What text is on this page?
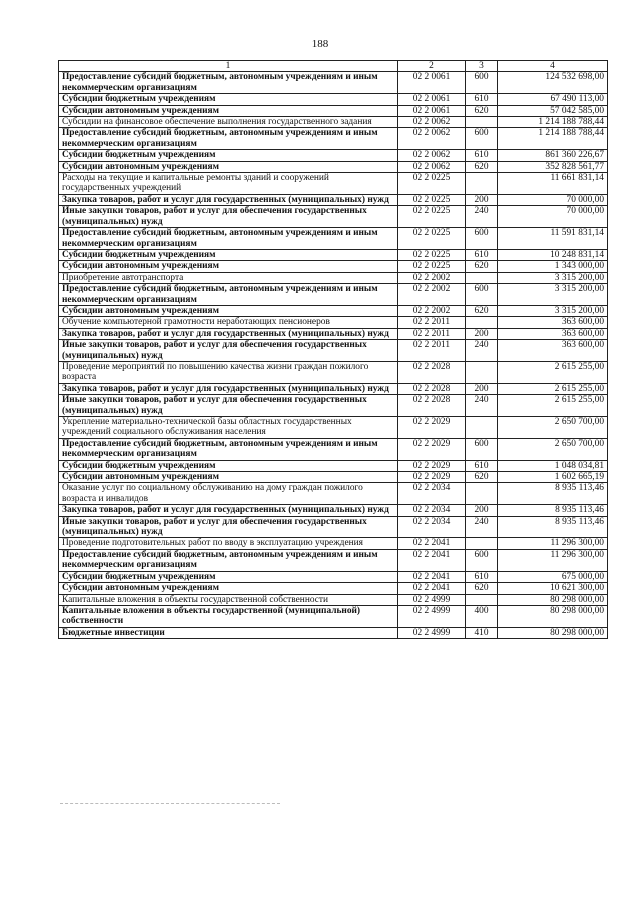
188
1	2	3	4
Предоставление субсидий бюджетным, автономным учреждениям и иным некоммерческим организациям	02 2 0061	600	124 532 698,00
Субсидии бюджетным учреждениям	02 2 0061	610	67 490 113,00
Субсидии автономным учреждениям	02 2 0061	620	57 042 585,00
Субсидии на финансовое обеспечение выполнения государственного задания	02 2 0062		1 214 188 788,44
Предоставление субсидий бюджетным, автономным учреждениям и иным некоммерческим организациям	02 2 0062	600	1 214 188 788,44
Субсидии бюджетным учреждениям	02 2 0062	610	861 360 226,67
Субсидии автономным учреждениям	02 2 0062	620	352 828 561,77
Расходы на текущие и капитальные ремонты зданий и сооружений государственных учреждений	02 2 0225		11 661 831,14
Закупка товаров, работ и услуг для государственных (муниципальных) нужд	02 2 0225	200	70 000,00
Иные закупки товаров, работ и услуг для обеспечения государственных (муниципальных) нужд	02 2 0225	240	70 000,00
Предоставление субсидий бюджетным, автономным учреждениям и иным некоммерческим организациям	02 2 0225	600	11 591 831,14
Субсидии бюджетным учреждениям	02 2 0225	610	10 248 831,14
Субсидии автономным учреждениям	02 2 0225	620	1 343 000,00
Приобретение автотранспорта	02 2 2002		3 315 200,00
Предоставление субсидий бюджетным, автономным учреждениям и иным некоммерческим организациям	02 2 2002	600	3 315 200,00
Субсидии автономным учреждениям	02 2 2002	620	3 315 200,00
Обучение компьютерной грамотности неработающих пенсионеров	02 2 2011		363 600,00
Закупка товаров, работ и услуг для государственных (муниципальных) нужд	02 2 2011	200	363 600,00
Иные закупки товаров, работ и услуг для обеспечения государственных (муниципальных) нужд	02 2 2011	240	363 600,00
Проведение мероприятий по повышению качества жизни граждан пожилого возраста	02 2 2028		2 615 255,00
Закупка товаров, работ и услуг для государственных (муниципальных) нужд	02 2 2028	200	2 615 255,00
Иные закупки товаров, работ и услуг для обеспечения государственных (муниципальных) нужд	02 2 2028	240	2 615 255,00
Укрепление материально-технической базы областных государственных учреждений социального обслуживания населения	02 2 2029		2 650 700,00
Предоставление субсидий бюджетным, автономным учреждениям и иным некоммерческим организациям	02 2 2029	600	2 650 700,00
Субсидии бюджетным учреждениям	02 2 2029	610	1 048 034,81
Субсидии автономным учреждениям	02 2 2029	620	1 602 665,19
Оказание услуг по социальному обслуживанию на дому граждан пожилого возраста и инвалидов	02 2 2034		8 935 113,46
Закупка товаров, работ и услуг для государственных (муниципальных) нужд	02 2 2034	200	8 935 113,46
Иные закупки товаров, работ и услуг для обеспечения государственных (муниципальных) нужд	02 2 2034	240	8 935 113,46
Проведение подготовительных работ по вводу в эксплуатацию учреждения	02 2 2041		11 296 300,00
Предоставление субсидий бюджетным, автономным учреждениям и иным некоммерческим организациям	02 2 2041	600	11 296 300,00
Субсидии бюджетным учреждениям	02 2 2041	610	675 000,00
Субсидии автономным учреждениям	02 2 2041	620	10 621 300,00
Капитальные вложения в объекты государственной собственности	02 2 4999		80 298 000,00
Капитальные вложения в объекты государственной (муниципальной) собственности	02 2 4999	400	80 298 000,00
Бюджетные инвестиции	02 2 4999	410	80 298 000,00
